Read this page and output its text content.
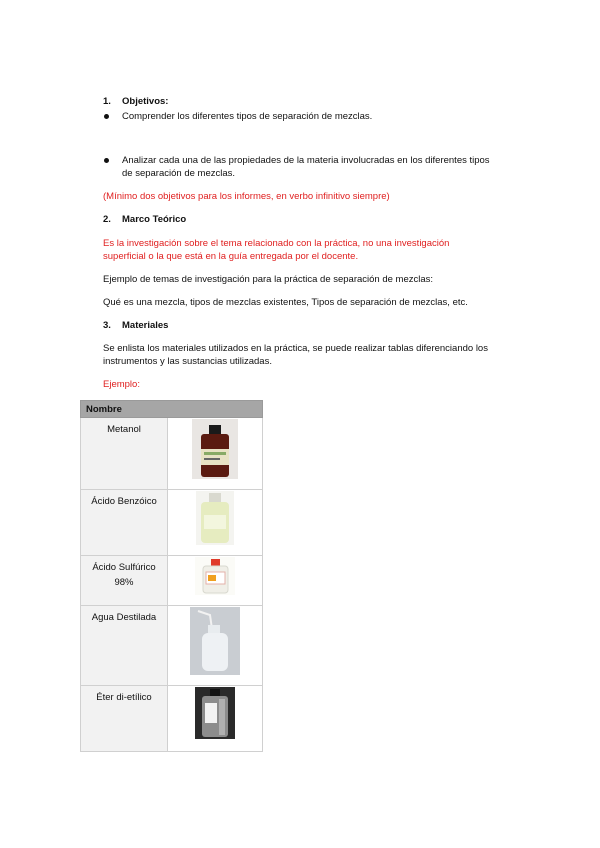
1. Objetivos:
Comprender los diferentes tipos de separación de mezclas.
Analizar cada una de las propiedades de la materia involucradas en los diferentes tipos
de separación de mezclas.
(Mínimo dos objetivos para los informes, en verbo infinitivo siempre)
2. Marco Teórico
Es la investigación sobre el tema relacionado con la práctica, no una investigación
superficial o la que está en la guía entregada por el docente.
Ejemplo de temas de investigación para la práctica de separación de mezclas:
Qué es una mezcla, tipos de mezclas existentes, Tipos de separación de mezclas, etc.
3. Materiales
Se enlista los materiales utilizados en la práctica, se puede realizar tablas diferenciando los
instrumentos y las sustancias utilizadas.
Ejemplo:
Nombre	
Metanol	
Ácido Benzóico	
Ácido Sulfúrico
98%	
Agua Destilada	
Éter di-etílico	
